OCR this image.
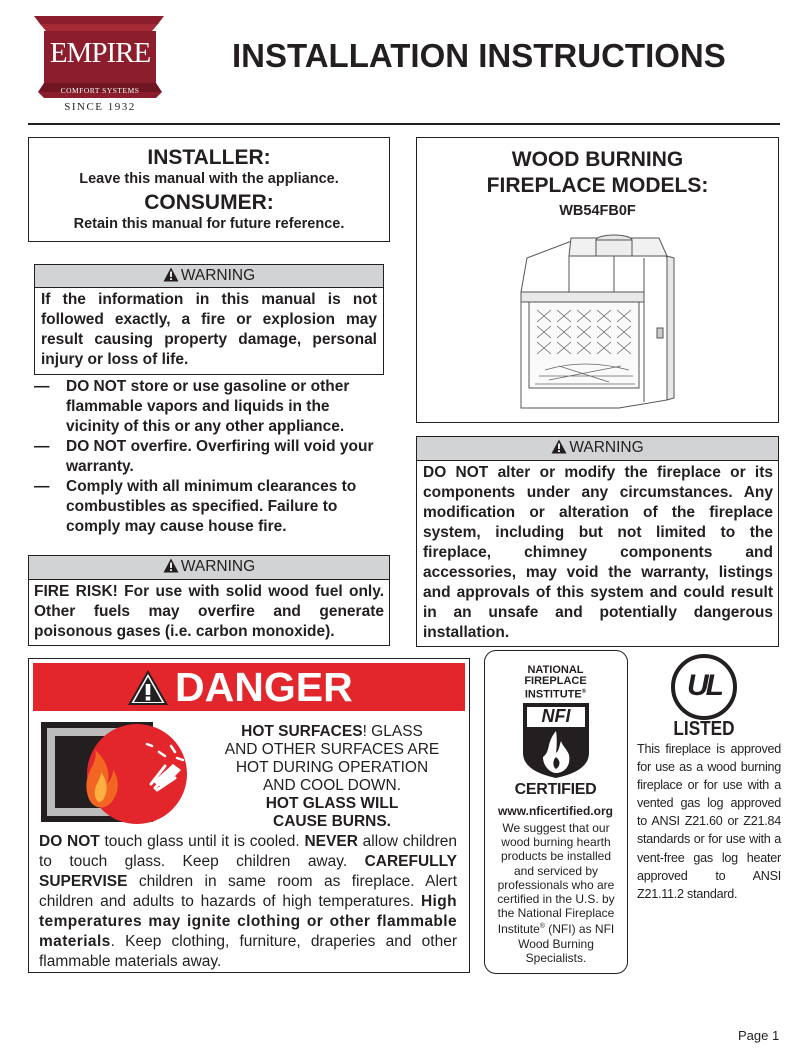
EMPIRE
COMFORT SYSTEMS
SINCE 1932
INSTALLATION INSTRUCTIONS
INSTALLER:
Leave this manual with the appliance.
CONSUMER:
Retain this manual for future reference.
WOOD BURNING
FIREPLACE MODELS:
WB54FB0F
WARNING
If the information in this manual is not followed exactly, a fire or explosion may result causing property damage, personal injury or loss of life.
— DO NOT store or use gasoline or other flammable vapors and liquids in the vicinity of this or any other appliance.
— DO NOT overfire. Overfiring will void your warranty.
— Comply with all minimum clearances to combustibles as specified. Failure to comply may cause house fire.
WARNING
FIRE RISK! For use with solid wood fuel only. Other fuels may overfire and generate poisonous gases (i.e. carbon monoxide).
WARNING
DO NOT alter or modify the fireplace or its components under any circumstances. Any modification or alteration of the fireplace system, including but not limited to the fireplace, chimney components and accessories, may void the warranty, listings and approvals of this system and could result in an unsafe and potentially dangerous installation.
DANGER
HOT SURFACES! GLASS
AND OTHER SURFACES ARE
HOT DURING OPERATION
AND COOL DOWN.
HOT GLASS WILL
CAUSE BURNS.
DO NOT touch glass until it is cooled. NEVER allow children to touch glass. Keep children away. CAREFULLY SUPERVISE children in same room as fireplace. Alert children and adults to hazards of high temperatures. High temperatures may ignite clothing or other flammable materials. Keep clothing, furniture, draperies and other flammable materials away.
NATIONAL
FIREPLACE
INSTITUTE®
NFI
CERTIFIED
www.nficertified.org
We suggest that our wood burning hearth products be installed and serviced by professionals who are certified in the U.S. by the National Fireplace Institute® (NFI) as NFI Wood Burning Specialists.
UL
LISTED
This fireplace is approved for use as a wood burning fireplace or for use with a vented gas log approved to ANSI Z21.60 or Z21.84 standards or for use with a vent-free gas log heater approved to ANSI Z21.11.2 standard.
Page 1
